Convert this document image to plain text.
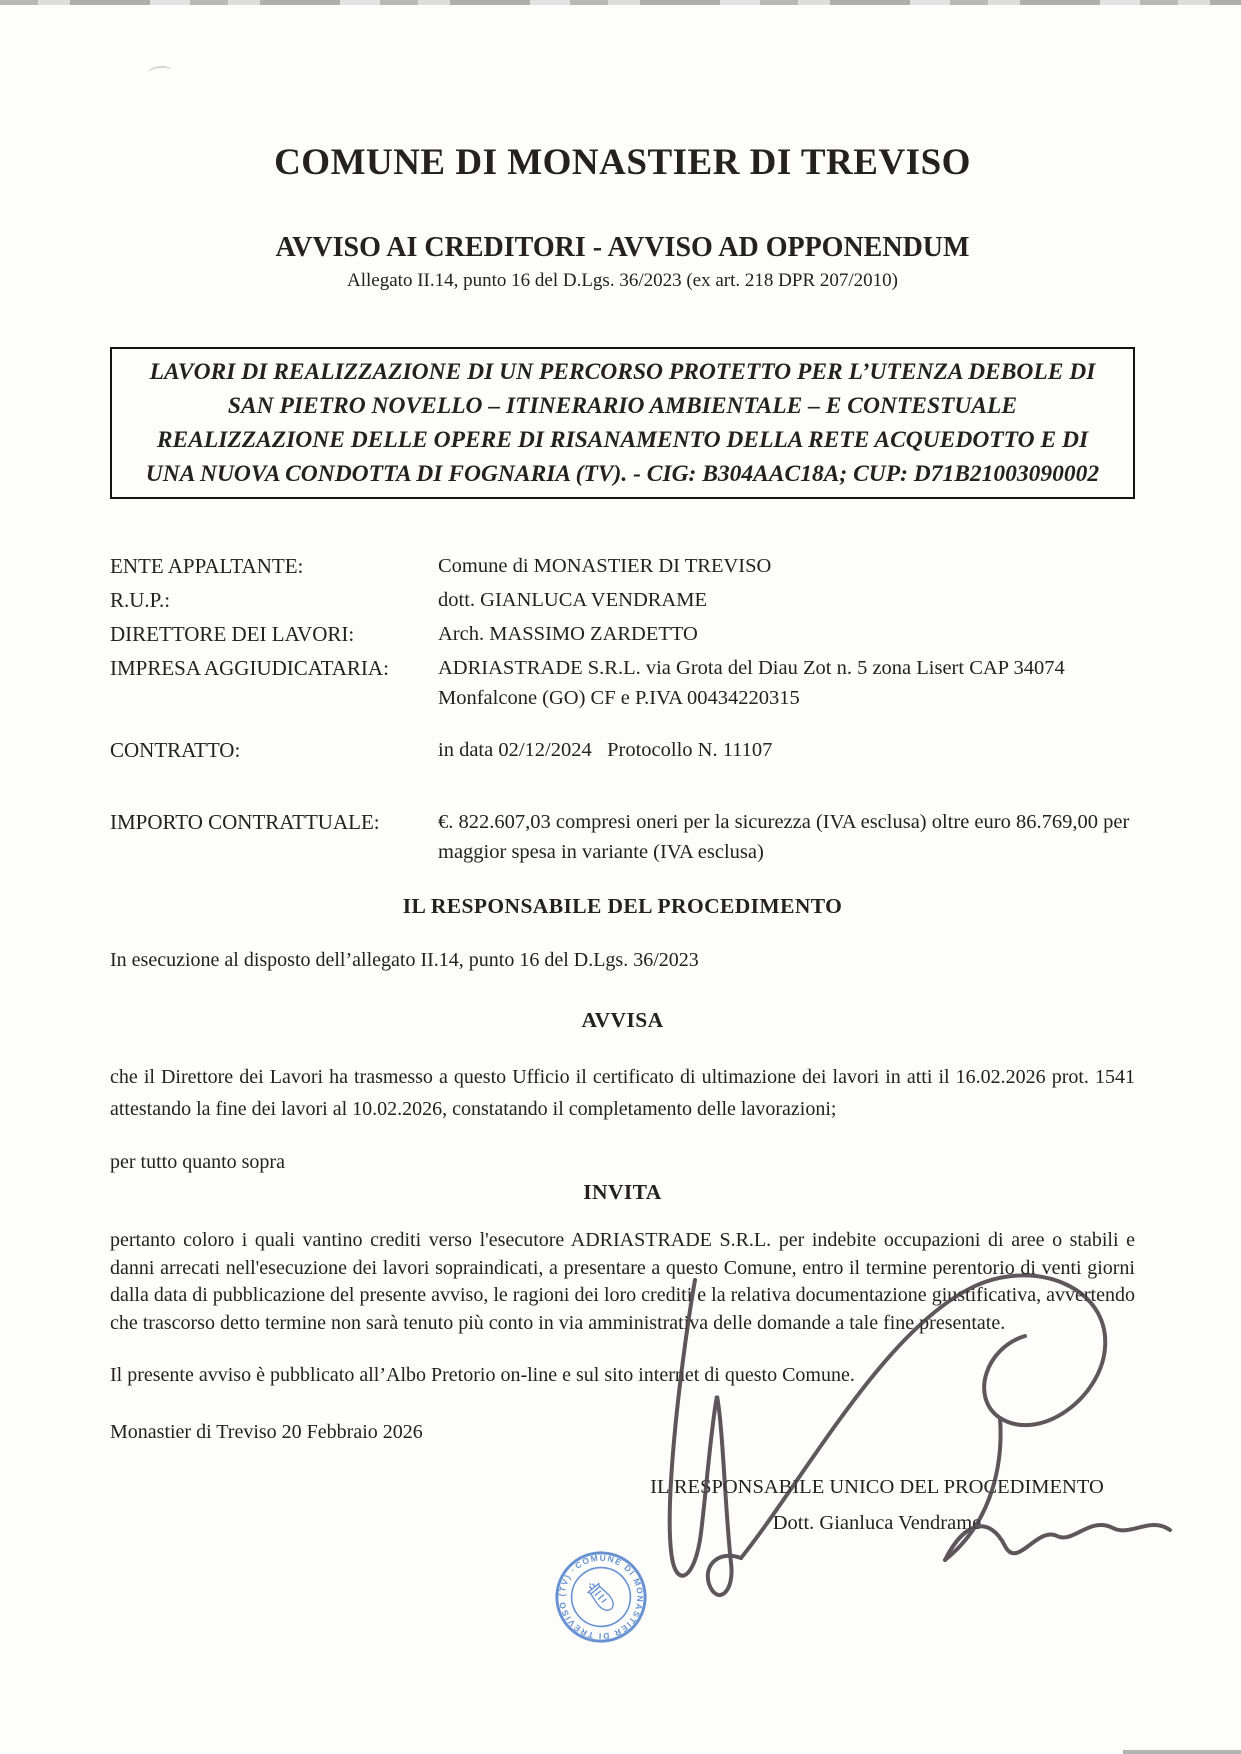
COMUNE DI MONASTIER DI TREVISO
AVVISO AI CREDITORI - AVVISO AD OPPONENDUM
Allegato II.14, punto 16 del D.Lgs. 36/2023 (ex art. 218 DPR 207/2010)
LAVORI DI REALIZZAZIONE DI UN PERCORSO PROTETTO PER L’UTENZA DEBOLE DI SAN PIETRO NOVELLO – ITINERARIO AMBIENTALE – E CONTESTUALE REALIZZAZIONE DELLE OPERE DI RISANAMENTO DELLA RETE ACQUEDOTTO E DI UNA NUOVA CONDOTTA DI FOGNARIA (TV). - CIG: B304AAC18A; CUP: D71B21003090002
ENTE APPALTANTE:	Comune di MONASTIER DI TREVISO
R.U.P.:	dott. GIANLUCA VENDRAME
DIRETTORE DEI LAVORI:	Arch. MASSIMO ZARDETTO
IMPRESA AGGIUDICATARIA:	ADRIASTRADE S.R.L. via Grota del Diau Zot n. 5 zona Lisert CAP 34074 Monfalcone (GO) CF e P.IVA 00434220315
CONTRATTO:	in data 02/12/2024   Protocollo N. 11107
IMPORTO CONTRATTUALE:	€. 822.607,03 compresi oneri per la sicurezza (IVA esclusa) oltre euro 86.769,00 per maggior spesa in variante (IVA esclusa)
IL RESPONSABILE DEL PROCEDIMENTO

In esecuzione al disposto dell’allegato II.14, punto 16 del D.Lgs. 36/2023

AVVISA

che il Direttore dei Lavori ha trasmesso a questo Ufficio il certificato di ultimazione dei lavori in atti il 16.02.2026 prot. 1541 attestando la fine dei lavori al 10.02.2026, constatando il completamento delle lavorazioni;

per tutto quanto sopra

INVITA

pertanto coloro i quali vantino crediti verso l'esecutore ADRIASTRADE S.R.L. per indebite occupazioni di aree o stabili e danni arrecati nell'esecuzione dei lavori sopraindicati, a presentare a questo Comune, entro il termine perentorio di venti giorni dalla data di pubblicazione del presente avviso, le ragioni dei loro crediti e la relativa documentazione giustificativa, avvertendo che trascorso detto termine non sarà tenuto più conto in via amministrativa delle domande a tale fine presentate.

Il presente avviso è pubblicato all’Albo Pretorio on-line e sul sito internet di questo Comune.

Monastier di Treviso 20 Febbraio 2026

IL RESPONSABILE UNICO DEL PROCEDIMENTO
Dott. Gianluca Vendrame
COMUNE DI MONASTIER DI TREVISO (TV) ·
